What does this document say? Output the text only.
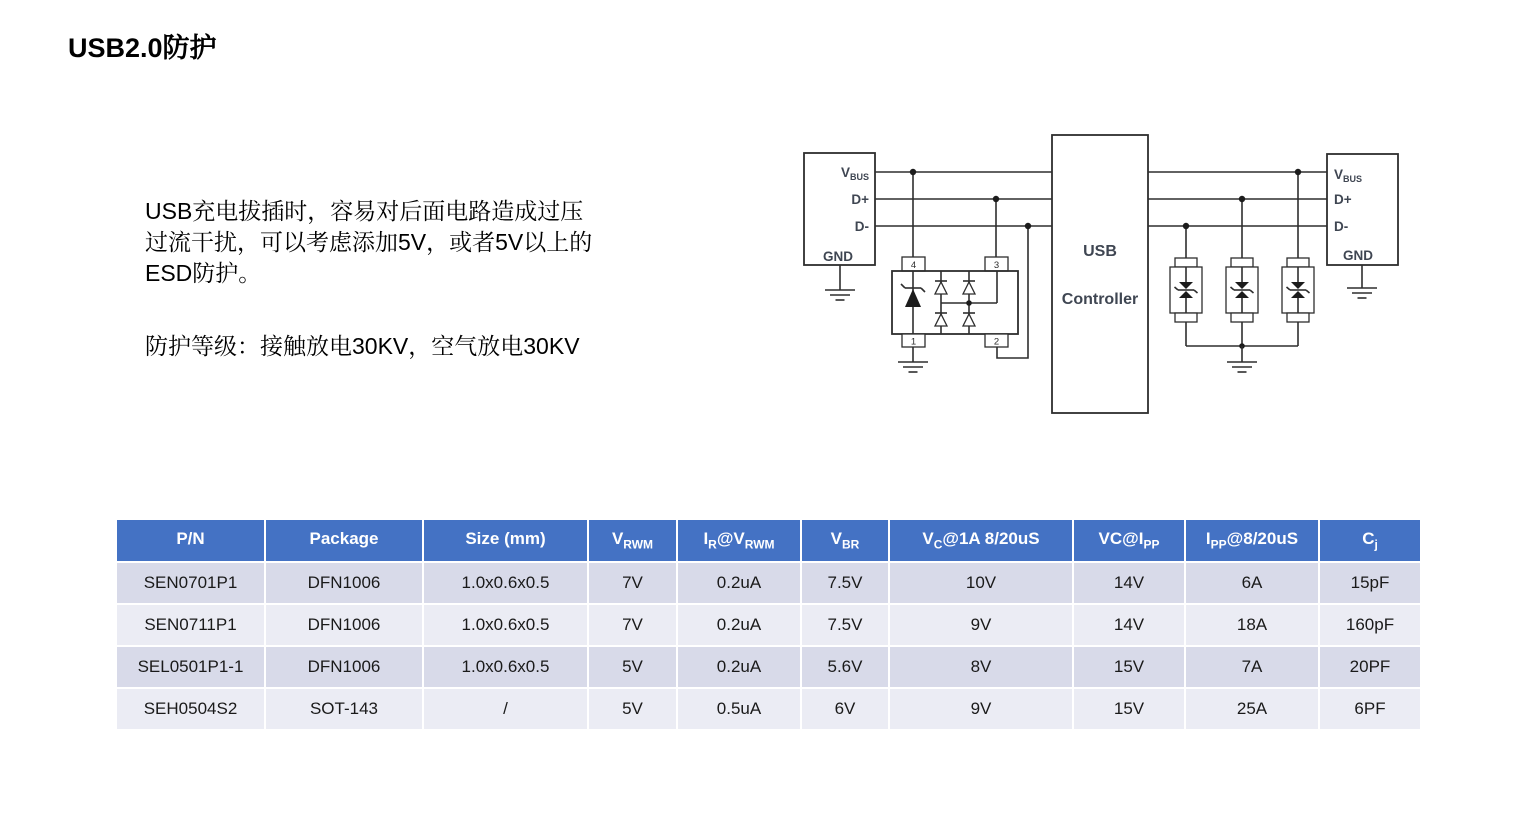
USB2.0防护
USB充电拔插时，容易对后面电路造成过压
过流干扰，可以考虑添加5V，或者5V以上的
ESD防护。
防护等级：接触放电30KV，空气放电30KV
$V_{BUS}$
D+
D-
GND
4	3
1	2
USB
Controller
$V_{BUS}$
D+
D-
GND
P/N	Package	Size (mm)	$V_{RWM}$	$I_R@V_{RWM}$	$V_{BR}$	$V_C@1A$ 8/20uS	$VC@I_{PP}$	$I_{PP}@8/20uS$	$C_j$
SEN0701P1	DFN1006	1.0x0.6x0.5	7V	0.2uA	7.5V	10V	14V	6A	15pF
SEN0711P1	DFN1006	1.0x0.6x0.5	7V	0.2uA	7.5V	9V	14V	18A	160pF
SEL0501P1-1	DFN1006	1.0x0.6x0.5	5V	0.2uA	5.6V	8V	15V	7A	20PF
SEH0504S2	SOT-143	/	5V	0.5uA	6V	9V	15V	25A	6PF
